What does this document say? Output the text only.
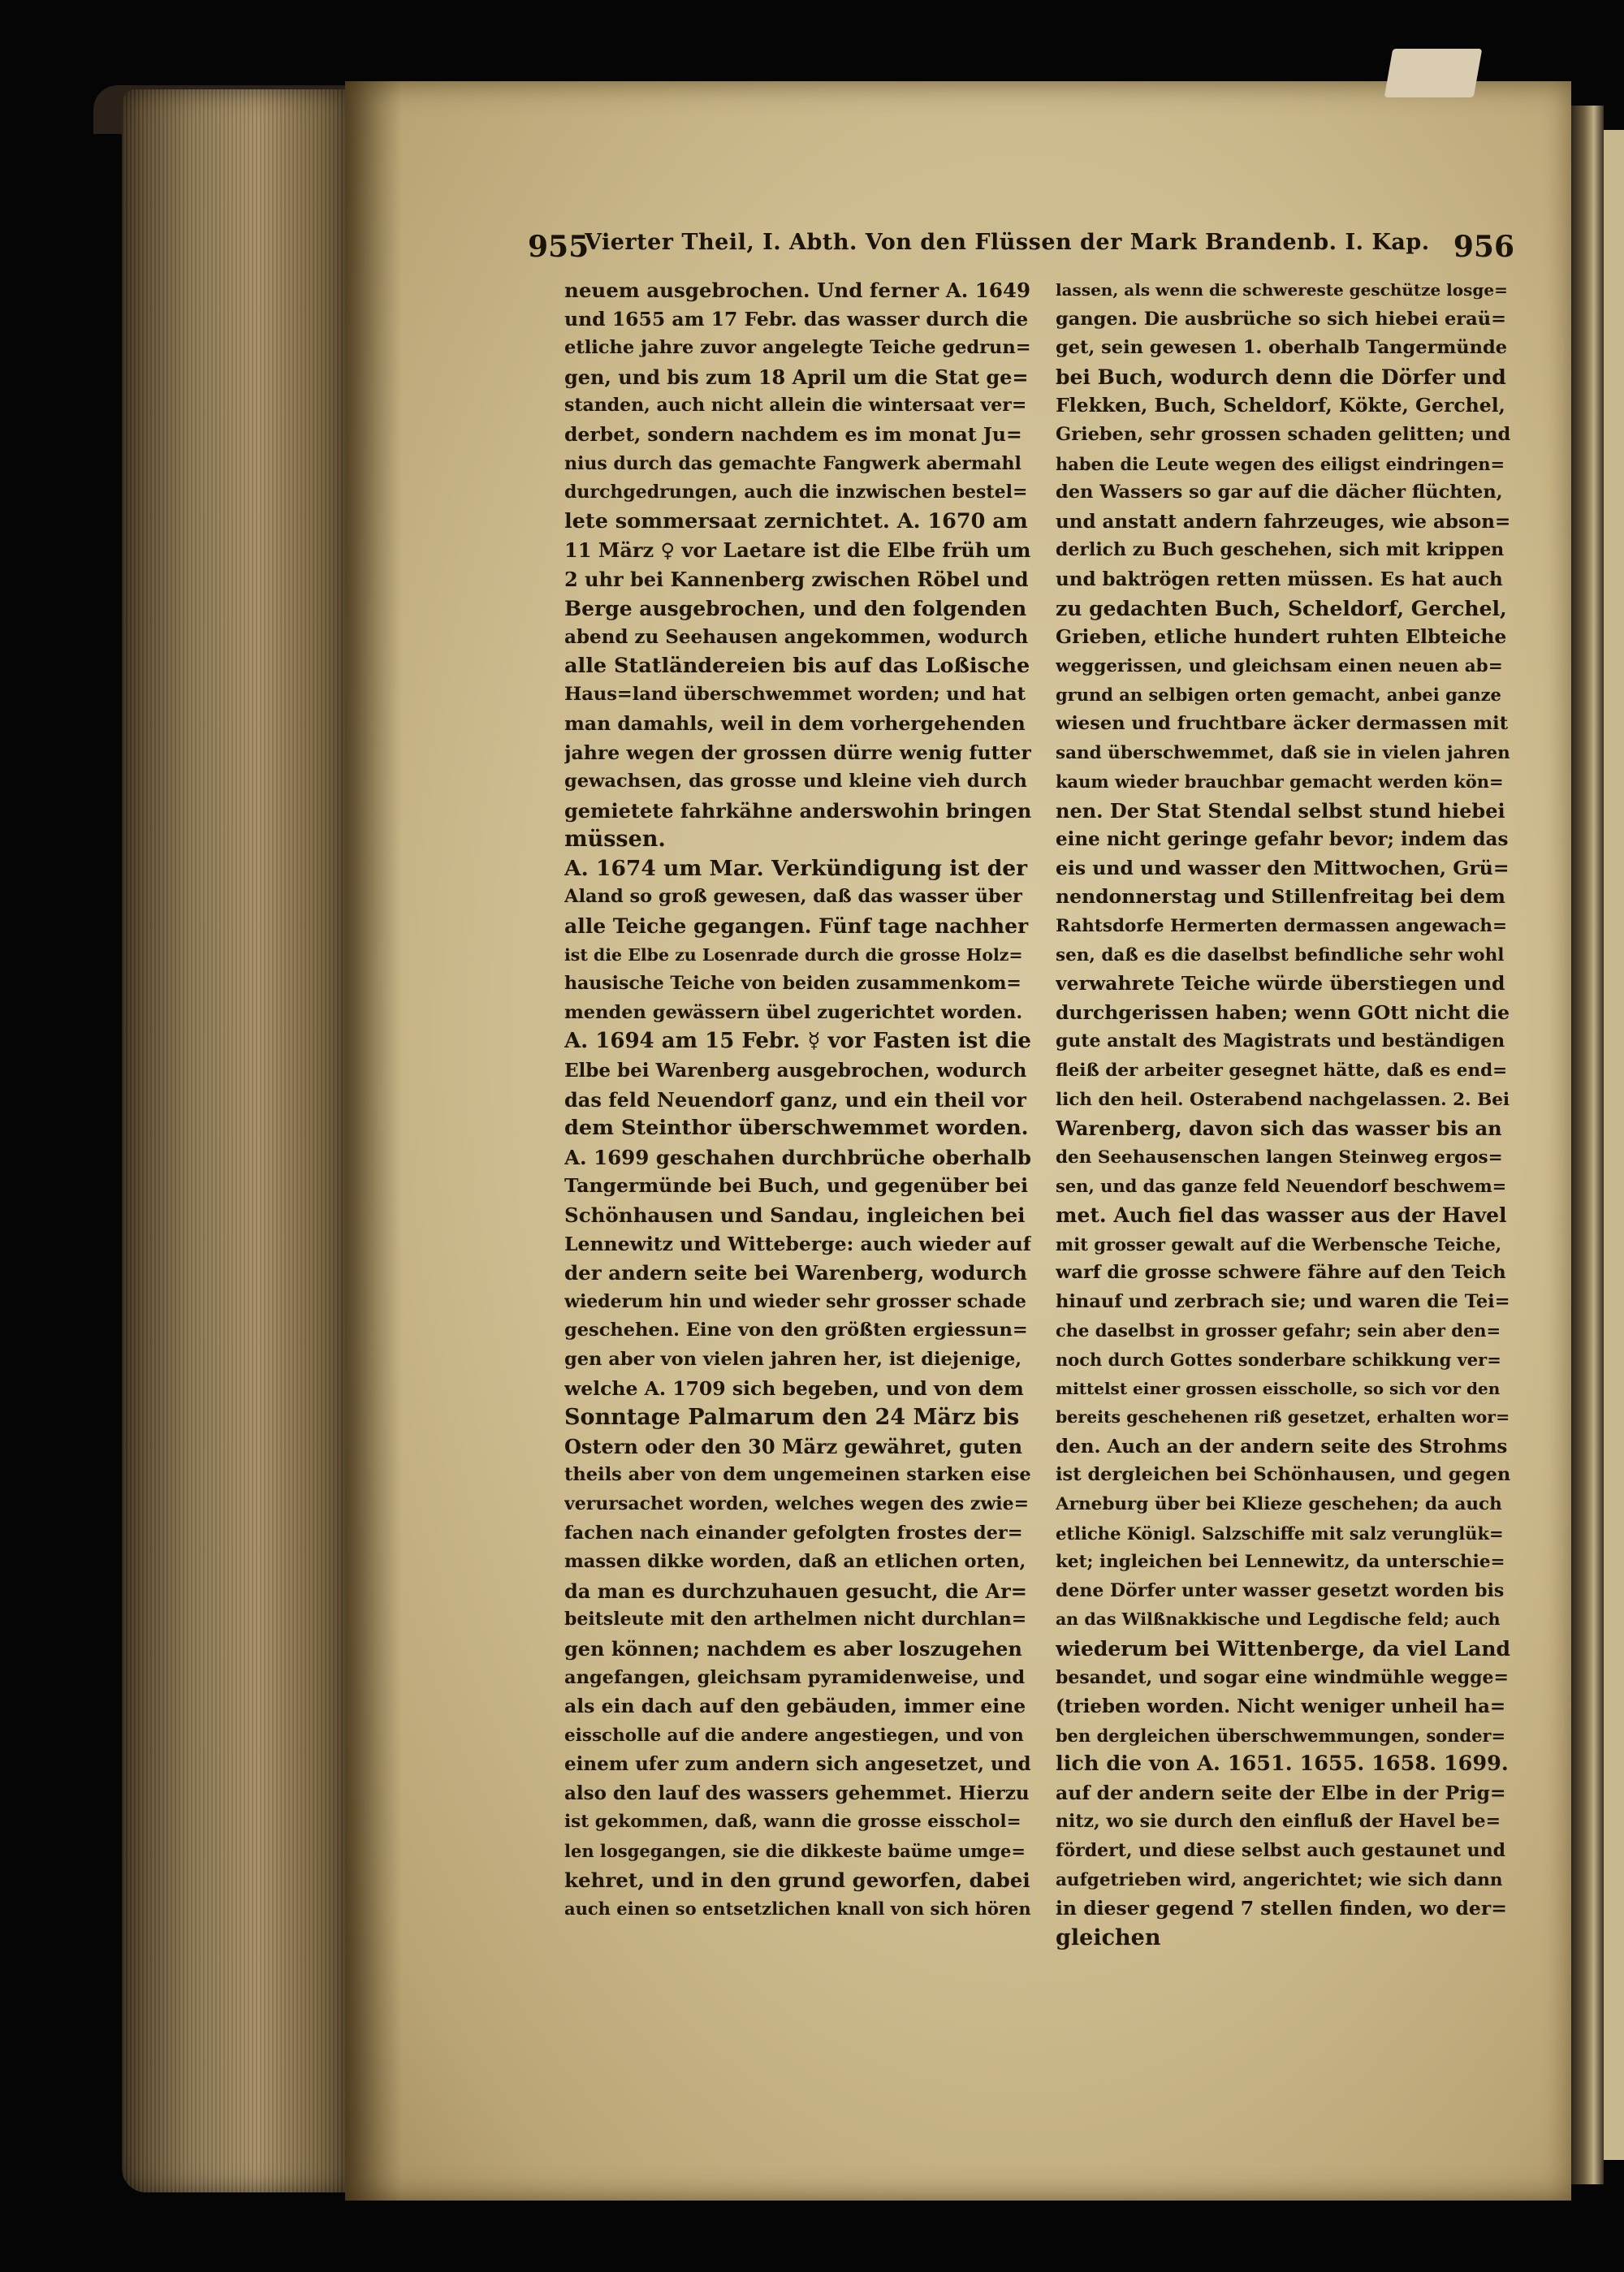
955
Vierter Theil, I. Abth. Von den Flüssen der Mark Brandenb. I. Kap. 956
neuem ausgebrochen. Und ferner A. 1649
und 1655 am 17 Febr. das wasser durch die
etliche jahre zuvor angelegte Teiche gedrun=
gen, und bis zum 18 April um die Stat ge=
standen, auch nicht allein die wintersaat ver=
derbet, sondern nachdem es im monat Ju=
nius durch das gemachte Fangwerk abermahl
durchgedrungen, auch die inzwischen bestel=
lete sommersaat zernichtet. A. 1670 am
11 März ♀ vor Laetare ist die Elbe früh um
2 uhr bei Kannenberg zwischen Röbel und
Berge ausgebrochen, und den folgenden
abend zu Seehausen angekommen, wodurch
alle Statländereien bis auf das Loßische
Haus=land überschwemmet worden; und hat
man damahls, weil in dem vorhergehenden
jahre wegen der grossen dürre wenig futter
gewachsen, das grosse und kleine vieh durch
gemietete fahrkähne anderswohin bringen
müssen.
A. 1674 um Mar. Verkündigung ist der
Aland so groß gewesen, daß das wasser über
alle Teiche gegangen. Fünf tage nachher
ist die Elbe zu Losenrade durch die grosse Holz=
hausische Teiche von beiden zusammenkom=
menden gewässern übel zugerichtet worden.
A. 1694 am 15 Febr. ☿ vor Fasten ist die
Elbe bei Warenberg ausgebrochen, wodurch
das feld Neuendorf ganz, und ein theil vor
dem Steinthor überschwemmet worden.
A. 1699 geschahen durchbrüche oberhalb
Tangermünde bei Buch, und gegenüber bei
Schönhausen und Sandau, ingleichen bei
Lennewitz und Witteberge: auch wieder auf
der andern seite bei Warenberg, wodurch
wiederum hin und wieder sehr grosser schade
geschehen. Eine von den größten ergiessun=
gen aber von vielen jahren her, ist diejenige,
welche A. 1709 sich begeben, und von dem
Sonntage Palmarum den 24 März bis
Ostern oder den 30 März gewähret, guten
theils aber von dem ungemeinen starken eise
verursachet worden, welches wegen des zwie=
fachen nach einander gefolgten frostes der=
massen dikke worden, daß an etlichen orten,
da man es durchzuhauen gesucht, die Ar=
beitsleute mit den arthelmen nicht durchlan=
gen können; nachdem es aber loszugehen
angefangen, gleichsam pyramidenweise, und
als ein dach auf den gebäuden, immer eine
eisscholle auf die andere angestiegen, und von
einem ufer zum andern sich angesetzet, und
also den lauf des wassers gehemmet. Hierzu
ist gekommen, daß, wann die grosse eisschol=
len losgegangen, sie die dikkeste baüme umge=
kehret, und in den grund geworfen, dabei
auch einen so entsetzlichen knall von sich hören
lassen, als wenn die schwereste geschütze losge=
gangen. Die ausbrüche so sich hiebei eraü=
get, sein gewesen 1. oberhalb Tangermünde
bei Buch, wodurch denn die Dörfer und
Flekken, Buch, Scheldorf, Kökte, Gerchel,
Grieben, sehr grossen schaden gelitten; und
haben die Leute wegen des eiligst eindringen=
den Wassers so gar auf die dächer flüchten,
und anstatt andern fahrzeuges, wie abson=
derlich zu Buch geschehen, sich mit krippen
und baktrögen retten müssen. Es hat auch
zu gedachten Buch, Scheldorf, Gerchel,
Grieben, etliche hundert ruhten Elbteiche
weggerissen, und gleichsam einen neuen ab=
grund an selbigen orten gemacht, anbei ganze
wiesen und fruchtbare äcker dermassen mit
sand überschwemmet, daß sie in vielen jahren
kaum wieder brauchbar gemacht werden kön=
nen. Der Stat Stendal selbst stund hiebei
eine nicht geringe gefahr bevor; indem das
eis und und wasser den Mittwochen, Grü=
nendonnerstag und Stillenfreitag bei dem
Rahtsdorfe Hermerten dermassen angewach=
sen, daß es die daselbst befindliche sehr wohl
verwahrete Teiche würde überstiegen und
durchgerissen haben; wenn GOtt nicht die
gute anstalt des Magistrats und beständigen
fleiß der arbeiter gesegnet hätte, daß es end=
lich den heil. Osterabend nachgelassen. 2. Bei
Warenberg, davon sich das wasser bis an
den Seehausenschen langen Steinweg ergos=
sen, und das ganze feld Neuendorf beschwem=
met. Auch fiel das wasser aus der Havel
mit grosser gewalt auf die Werbensche Teiche,
warf die grosse schwere fähre auf den Teich
hinauf und zerbrach sie; und waren die Tei=
che daselbst in grosser gefahr; sein aber den=
noch durch Gottes sonderbare schikkung ver=
mittelst einer grossen eisscholle, so sich vor den
bereits geschehenen riß gesetzet, erhalten wor=
den. Auch an der andern seite des Strohms
ist dergleichen bei Schönhausen, und gegen
Arneburg über bei Klieze geschehen; da auch
etliche Königl. Salzschiffe mit salz verunglük=
ket; ingleichen bei Lennewitz, da unterschie=
dene Dörfer unter wasser gesetzt worden bis
an das Wilßnakkische und Legdische feld; auch
wiederum bei Wittenberge, da viel Land
besandet, und sogar eine windmühle wegge=
(trieben worden. Nicht weniger unheil ha=
ben dergleichen überschwemmungen, sonder=
lich die von A. 1651. 1655. 1658. 1699.
auf der andern seite der Elbe in der Prig=
nitz, wo sie durch den einfluß der Havel be=
fördert, und diese selbst auch gestaunet und
aufgetrieben wird, angerichtet; wie sich dann
in dieser gegend 7 stellen finden, wo der=
gleichen
